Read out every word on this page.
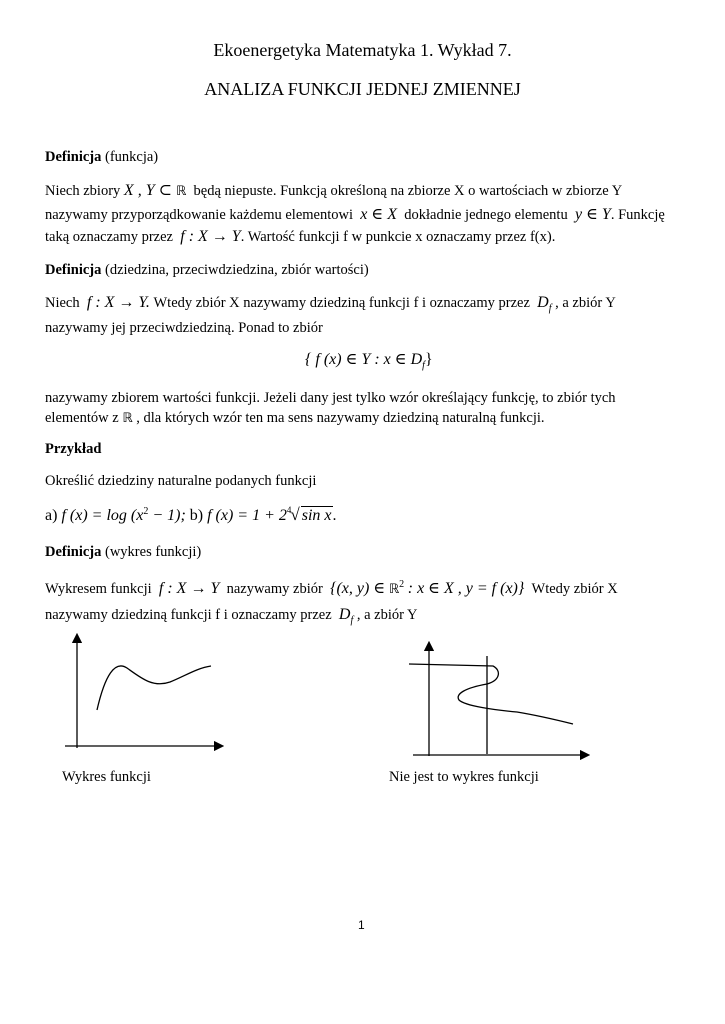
Ekoenergetyka Matematyka 1. Wykład 7.
ANALIZA FUNKCJI JEDNEJ ZMIENNEJ
Definicja (funkcja)
Niech zbiory X , Y ⊂ ℝ będą niepuste. Funkcją określoną na zbiorze X o wartościach w zbiorze Y
nazywamy przyporządkowanie każdemu elementowi x ∈ X dokładnie jednego elementu y ∈ Y. Funkcję
taką oznaczamy przez f : X → Y. Wartość funkcji f w punkcie x oznaczamy przez f(x).
Definicja (dziedzina, przeciwdziedzina, zbiór wartości)
Niech f : X → Y. Wtedy zbiór X nazywamy dziedziną funkcji f i oznaczamy przez $D_f$ , a zbiór Y
nazywamy jej przeciwdziedziną. Ponad to zbiór
{ f (x) ∈ Y : x ∈ $D_f$}
nazywamy zbiorem wartości funkcji. Jeżeli dany jest tylko wzór określający funkcję, to zbiór tych
elementów z ℝ , dla których wzór ten ma sens nazywamy dziedziną naturalną funkcji.
Przykład
Określić dziedziny naturalne podanych funkcji
a) f $(x) = \log (x^2 - 1)$; b) f $(x) = 1 + 2^4√$ sin x.
Definicja (wykres funkcji)
Wykresem funkcji f : X → Y nazywamy zbiór {(x, y) ∈ ℝ$^2$ : x ∈ X , y = f (x)} Wtedy zbiór X
nazywamy dziedziną funkcji f i oznaczamy przez $D_f$ , a zbiór Y
Wykres funkcji	Nie jest to wykres funkcji
1
